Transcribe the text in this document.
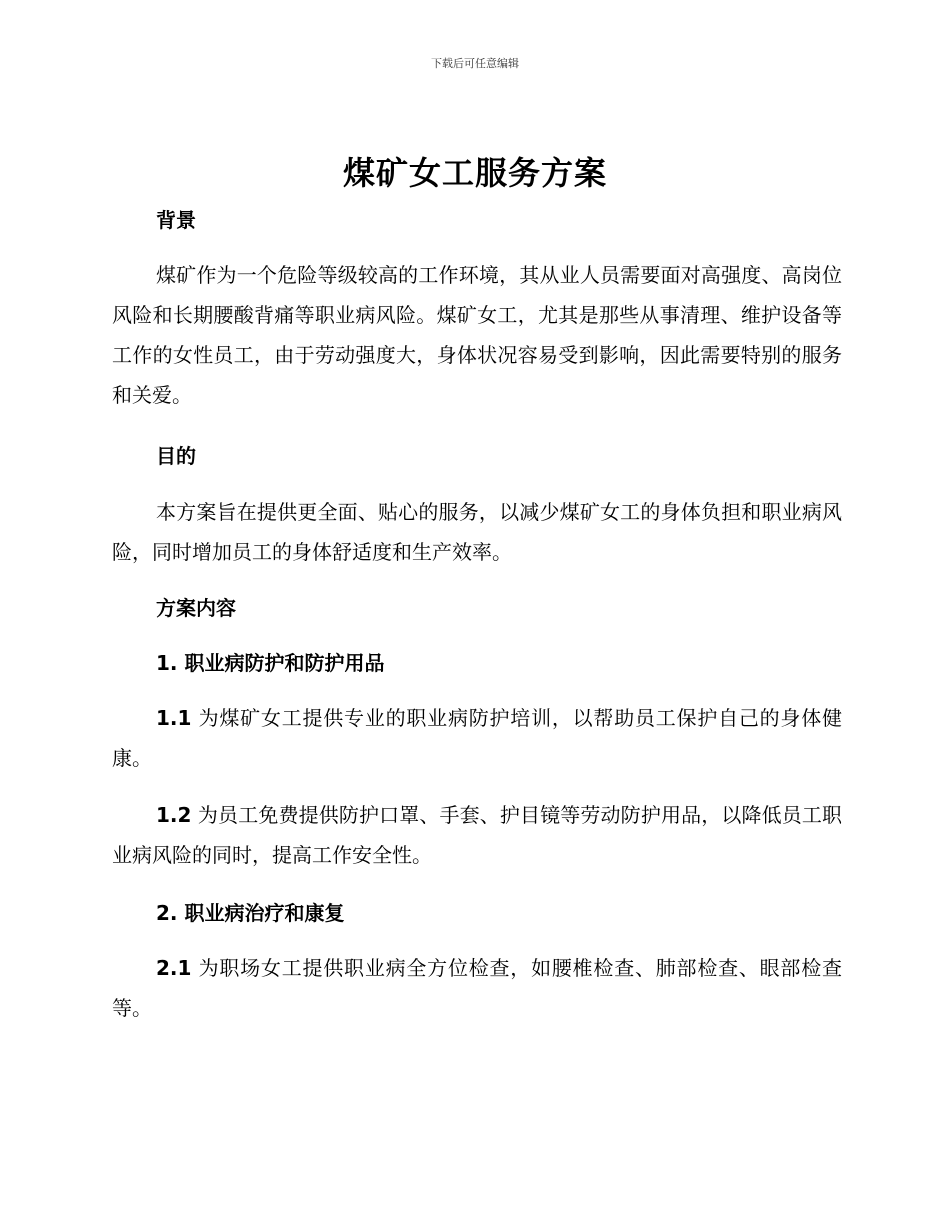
下载后可任意编辑
煤矿女工服务方案
背景
煤矿作为一个危险等级较高的工作环境，其从业人员需要面对高强度、高岗位风险和长期腰酸背痛等职业病风险。煤矿女工，尤其是那些从事清理、维护设备等工作的女性员工，由于劳动强度大，身体状况容易受到影响，因此需要特别的服务和关爱。
目的
本方案旨在提供更全面、贴心的服务，以减少煤矿女工的身体负担和职业病风险，同时增加员工的身体舒适度和生产效率。
方案内容
1. 职业病防护和防护用品
1.1 为煤矿女工提供专业的职业病防护培训，以帮助员工保护自己的身体健康。
1.2 为员工免费提供防护口罩、手套、护目镜等劳动防护用品，以降低员工职业病风险的同时，提高工作安全性。
2. 职业病治疗和康复
2.1 为职场女工提供职业病全方位检查，如腰椎检查、肺部检查、眼部检查等。
